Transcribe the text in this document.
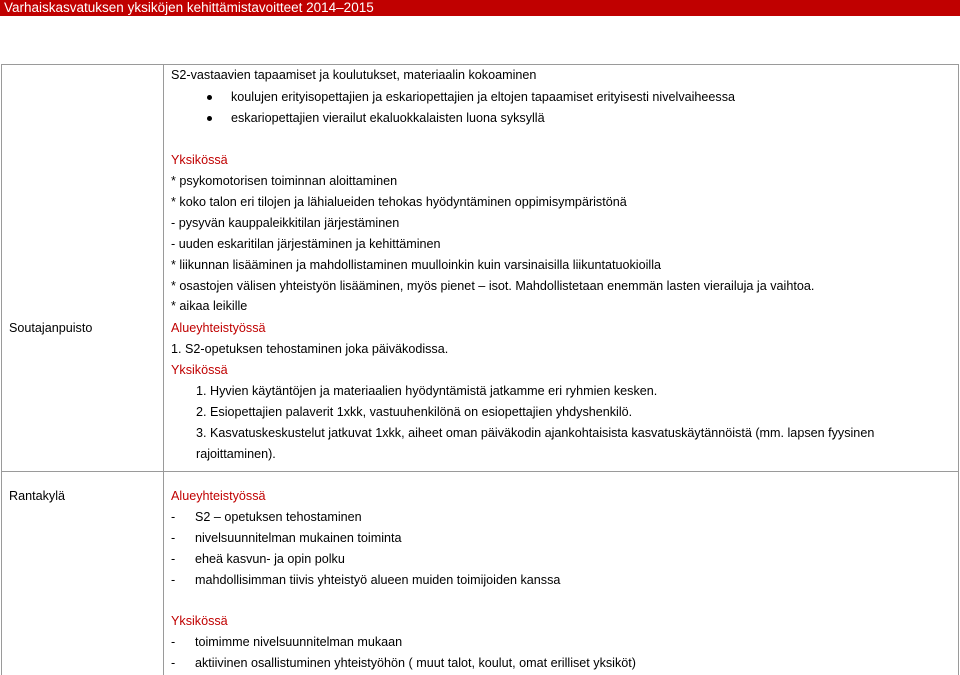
Varhaiskasvatuksen yksiköjen kehittämistavoitteet 2014–2015
S2-vastaavien tapaamiset ja koulutukset, materiaalin kokoaminen
koulujen erityisopettajien ja eskariopettajien ja eltojen tapaamiset erityisesti nivelvaiheessa
eskariopettajien vierailut ekaluokkalaisten luona syksyllä
Soutajanpuisto
Yksikössä
* psykomotorisen toiminnan aloittaminen
* koko talon eri tilojen ja lähialueiden tehokas hyödyntäminen oppimisympäristönä
- pysyvän kauppaleikkitilan järjestäminen
- uuden eskaritilan järjestäminen ja kehittäminen
* liikunnan lisääminen ja mahdollistaminen muulloinkin kuin varsinaisilla liikuntatuokioilla
* osastojen välisen yhteistyön lisääminen, myös pienet – isot. Mahdollistetaan enemmän lasten vierailuja ja vaihtoa.
* aikaa leikille
Alueyhteistyössä
1. S2-opetuksen tehostaminen joka päiväkodissa.
Yksikössä
1. Hyvien käytäntöjen ja materiaalien hyödyntämistä jatkamme eri ryhmien kesken.
2. Esiopettajien palaverit 1xkk, vastuuhenkilönä on esiopettajien yhdyshenkilö.
3. Kasvatuskeskustelut jatkuvat 1xkk, aiheet oman päiväkodin ajankohtaisista kasvatuskäytännöistä (mm. lapsen fyysinen
rajoittaminen).
Rantakylä	Alueyhteistyössä
- S2 – opetuksen tehostaminen
- nivelsuunnitelman mukainen toiminta
- eheä kasvun- ja opin polku
- mahdollisimman tiivis yhteistyö alueen muiden toimijoiden kanssa
Yksikössä
- toimimme nivelsuunnitelman mukaan
- aktiivinen osallistuminen yhteistyöhön ( muut talot, koulut, omat erilliset yksiköt)
